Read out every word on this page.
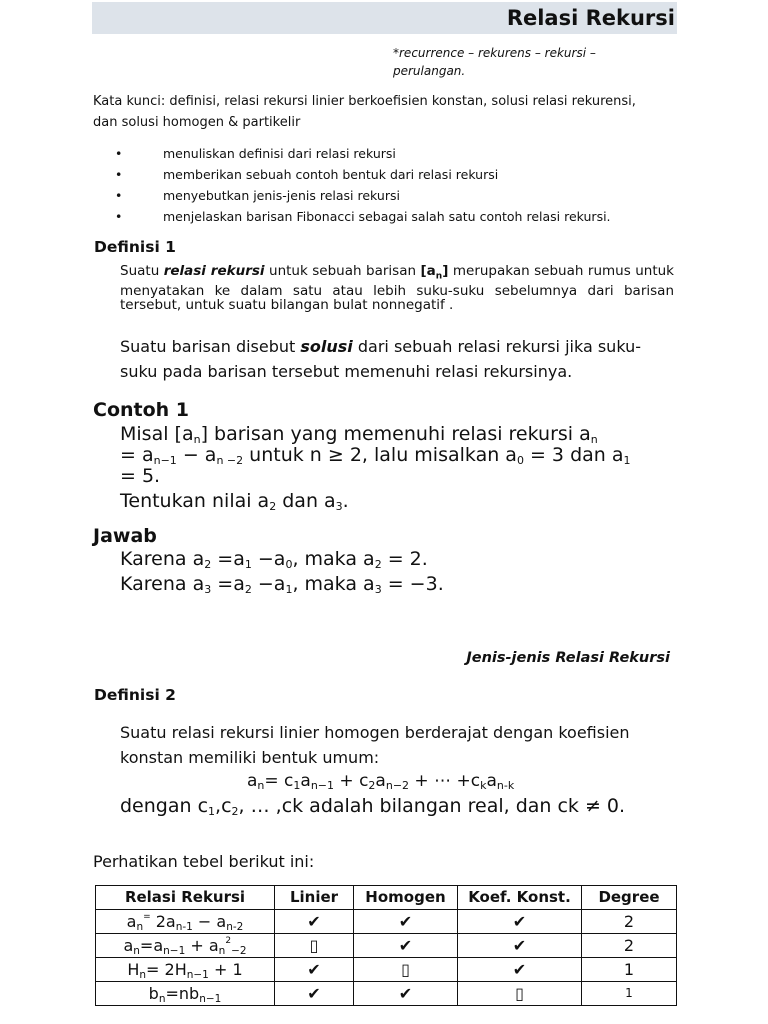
Relasi Rekursi
*recurrence – rekurens – rekursi – perulangan.
Kata kunci: definisi, relasi rekursi linier berkoefisien konstan, solusi relasi rekurensi, dan solusi homogen & partikelir
• menuliskan definisi dari relasi rekursi
• memberikan sebuah contoh bentuk dari relasi rekursi
• menyebutkan jenis-jenis relasi rekursi
• menjelaskan barisan Fibonacci sebagai salah satu contoh relasi rekursi.
Definisi 1
Suatu relasi rekursi untuk sebuah barisan $[a_n]$ merupakan sebuah rumus untuk menyatakan ke dalam satu atau lebih suku-suku sebelumnya dari barisan tersebut, untuk suatu bilangan bulat nonnegatif .
Suatu barisan disebut solusi dari sebuah relasi rekursi jika suku-suku pada barisan tersebut memenuhi relasi rekursinya.
Contoh 1
Misal $[a_n]$ barisan yang memenuhi relasi rekursi $a_n$
= $a_{n-1} - a_{n -2}$ untuk n ≥ 2, lalu misalkan $a_0 = 3$ dan $a_1$
= 5.
Tentukan nilai $a_2$ dan $a_3$.
Jawab
Karena $a_2 =a_1 -a_0$, maka $a_2 = 2$.
Karena $a_3 =a_2 -a_1$, maka $a_3 = -3$.
Jenis-jenis Relasi Rekursi
Definisi 2
Suatu relasi rekursi linier homogen berderajat dengan koefisien konstan memiliki bentuk umum:
$a_n= c_1a_{n-1} + c_2a_{n-2}$ + ⋯ $+c_ka_{n-k}$
dengan $c_1,c_2$, … ,ck adalah bilangan real, dan ck ≠ 0.
Perhatikan tebel berikut ini:
Relasi Rekursi	Linier	Homogen	Koef. Konst.	Degree
$a_n^=$ $2a_{n-1} - a_{n-2}$	✔	✔	✔	2
$a_n=a_{n-1} + a_n^2_{-2}$	▯	✔	✔	2
$H_n= 2H_{n-1} + 1$	✔	▯	✔	1
$b_n=nb_{n-1}$	✔	✔	▯	1
